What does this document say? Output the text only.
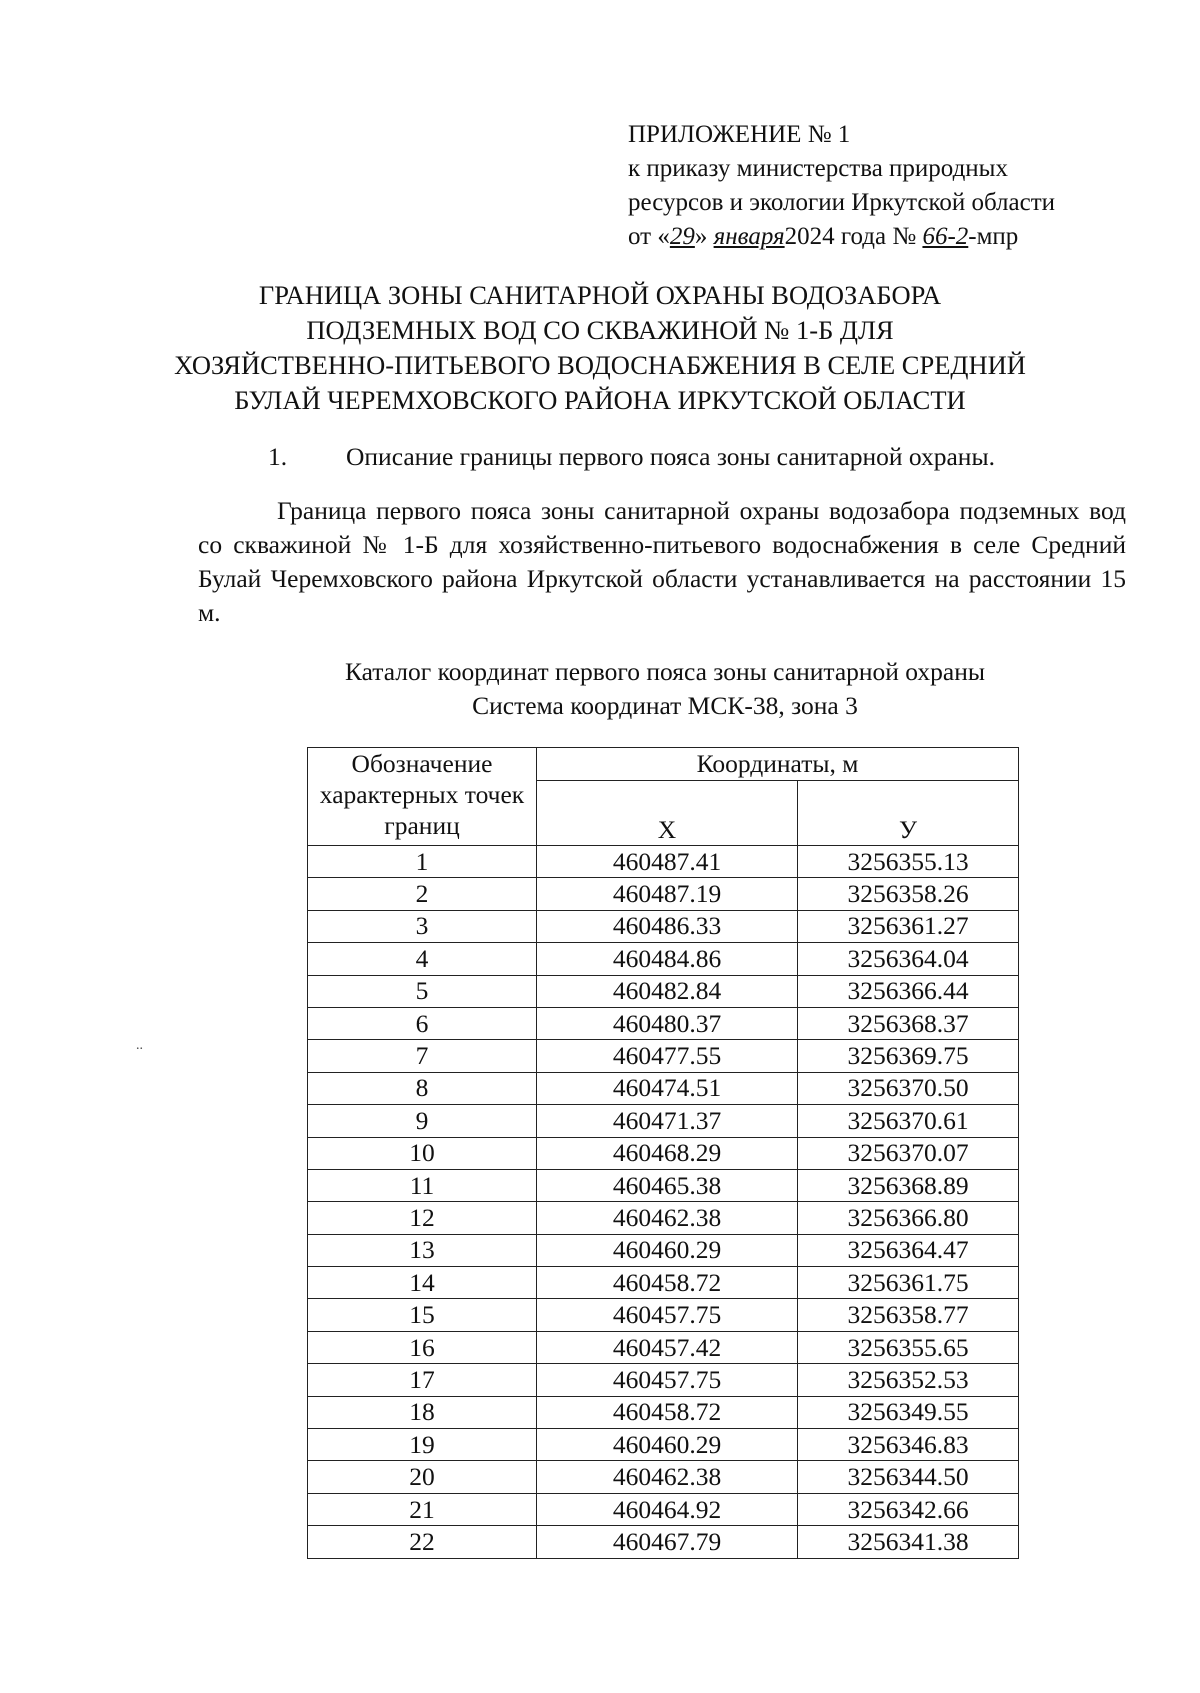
ПРИЛОЖЕНИЕ № 1
к приказу министерства природных
ресурсов и экологии Иркутской области
от «29» января2024 года № 66-2-мпр
ГРАНИЦА ЗОНЫ САНИТАРНОЙ ОХРАНЫ ВОДОЗАБОРА
ПОДЗЕМНЫХ ВОД СО СКВАЖИНОЙ № 1-Б ДЛЯ
ХОЗЯЙСТВЕННО-ПИТЬЕВОГО ВОДОСНАБЖЕНИЯ В СЕЛЕ СРЕДНИЙ
БУЛАЙ ЧЕРЕМХОВСКОГО РАЙОНА ИРКУТСКОЙ ОБЛАСТИ
1. Описание границы первого пояса зоны санитарной охраны.
Граница первого пояса зоны санитарной охраны водозабора подземных вод со скважиной № 1-Б для хозяйственно-питьевого водоснабжения в селе Средний Булай Черемховского района Иркутской области устанавливается на расстоянии 15 м.
Каталог координат первого пояса зоны санитарной охраны
Система координат МСК-38, зона 3
Обозначение характерных точек границ	Координаты, м	
	X	У
1	460487.41	3256355.13
2	460487.19	3256358.26
3	460486.33	3256361.27
4	460484.86	3256364.04
5	460482.84	3256366.44
6	460480.37	3256368.37
7	460477.55	3256369.75
8	460474.51	3256370.50
9	460471.37	3256370.61
10	460468.29	3256370.07
11	460465.38	3256368.89
12	460462.38	3256366.80
13	460460.29	3256364.47
14	460458.72	3256361.75
15	460457.75	3256358.77
16	460457.42	3256355.65
17	460457.75	3256352.53
18	460458.72	3256349.55
19	460460.29	3256346.83
20	460462.38	3256344.50
21	460464.92	3256342.66
22	460467.79	3256341.38
..
